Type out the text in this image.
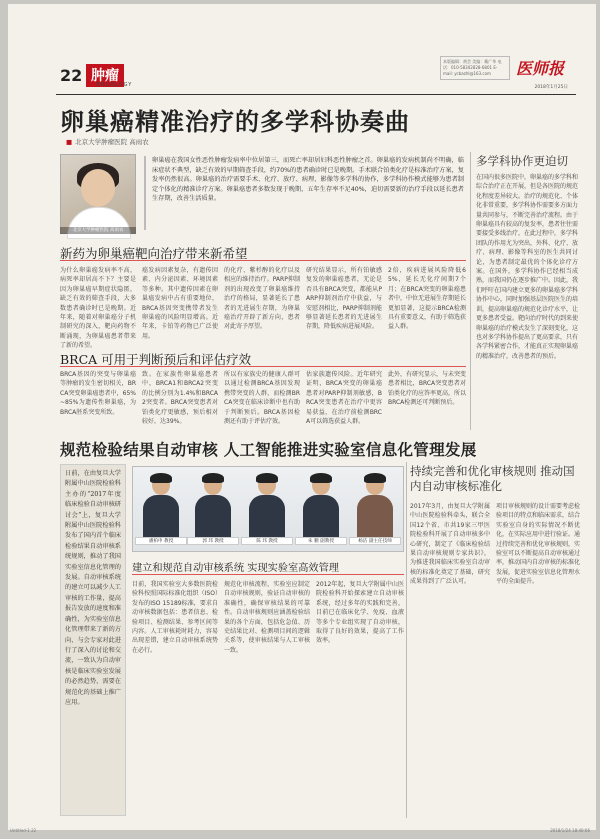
22 肿瘤
ONCOLOGY
本版编辑：黄芸 美编：戴广华 电话：010-58302828-6801 E-mail: ycbazhl@163.com	医师报
2018年1月25日
卵巢癌精准治疗的多学科协奏曲
■ 北京大学肿瘤医院 高雨农
北京大学肿瘤医院 高雨农
卵巢癌在我国女性恶性肿瘤发病率中位居第三，而死亡率却居妇科恶性肿瘤之首。卵巢癌的发病机制尚不明确，临床症状不典型，缺乏有效的早期筛查手段，约70%的患者确诊时已是晚期。手术联合铂类化疗是标准治疗方案，复发率仍然很高。卵巢癌的治疗需要手术、化疗、放疗、病理、影像等多学科的协作，多学科协作模式能够为患者制定个体化的精准诊疗方案。卵巢癌患者多数发现于晚期，五年生存率不足40%，迫切需要新的治疗手段以延长患者生存期，改善生活质量。
新药为卵巢癌靶向治疗带来新希望
为什么卵巢癌发病率不高，病死率却居高不下？主要是因为卵巢癌早期症状隐匿，缺乏有效的筛查手段，大多数患者确诊时已是晚期。近年来，随着对卵巢癌分子机制研究的深入，靶向药物不断涌现，为卵巢癌患者带来了新的希望。
癌发病因素复杂，有遗传因素、内分泌因素、环境因素等多种。其中遗传因素在卵巢癌发病中占有重要地位，BRCA基因突变携带者发生卵巢癌的风险明显增高。近年来，卡铂等药物已广泛使用。
的化疗、紫杉醇的化疗以及相应的维持治疗。PARP抑制剂的出现改变了卵巢癌维持治疗的格局，显著延长了患者的无进展生存期，为卵巢癌治疗开辟了新方向，患者对此寄予厚望。
研究结果显示，所有铂敏感复发的卵巢癌患者，无论是否具有BRCA突变，都能从PARP抑制剂治疗中获益，与安慰剂相比，PARP抑制剂能够显著延长患者的无进展生存期，降低疾病进展风险。
2倍，疾病进展风险降低65%，延长无化疗间期7个月；在BRCA突变的卵巢癌患者中，中位无进展生存期延长更加显著，这提示BRCA检测具有重要意义，有助于筛选获益人群。
BRCA 可用于判断预后和评估疗效
BRCA基因的突变与卵巢癌等肿瘤的发生密切相关，BRCA突变卵巢癌患者中，65%~85%为遗传性卵巢癌，为BRCA胚系突变所致。
致。在家族性卵巢癌患者中，BRCA1和BRCA2突变的比例分别为1.4%和BRCA2突变者。BRCA突变患者对铂类化疗更敏感，预后相对较好，达39%。
所以有家族史的健康人群可以通过检测BRCA基因发现携带突变的人群，而检测BRCA突变在临床诊断中也有助于判断预后。BRCA基因检测还有助于评估疗效。
估家族遗传风险。近年研究证明，BRCA突变的卵巢癌患者对PARP抑制剂敏感，BRCA突变患者在治疗中更容易获益，在治疗前检测BRCA可以筛选获益人群。
此外，有研究显示，与未突变患者相比，BRCA突变患者对铂类化疗的应答率更高，所以BRCA检测还可判断预后。
多学科协作更迫切
在国内很多医院中，卵巢癌的多学科和综合治疗正在开展，但是各医院的规范化程度差异较大。治疗的规范化、个体化非常重要，多学科协作需要多方面力量共同参与，不断完善治疗流程。由于卵巢癌具有较高的复发率，患者往往需要接受多线治疗，在此过程中，多学科团队的作用尤为突出，外科、化疗、放疗、病理、影像等科室的医生共同讨论，为患者制定最优的个体化诊疗方案。在国外，多学科协作已经相当成熟，而我国仍在逐步推广中。因此，我们呼吁在国内建立更多的卵巢癌多学科协作中心，同时加强基层医院医生的培训，提高卵巢癌的规范化诊疗水平，让更多患者受益。靶向治疗时代的到来使卵巢癌的治疗模式发生了深刻变化，这也对多学科协作提出了更高要求，只有各学科紧密合作，才能真正实现卵巢癌的精准治疗，改善患者的预后。
规范检验结果自动审核 人工智能推进实验室信息化管理发展
日前，在由复旦大学附属中山医院检验科主办的“2017年度临床检验自动审核研讨会”上，复旦大学附属中山医院检验科发布了国内首个临床检验结果自动审核系统规则，推动了我国实验室信息化管理的发展。自动审核系统的建立可以减少人工审核的工作量，提高报告发放的速度和准确性，为实验室信息化管理带来了新的方向，与会专家对此进行了深入的讨论和交流，一致认为自动审核是临床实验室发展的必然趋势，需要在规范化的基础上推广应用。
潘柏申 教授	郭 玮 教授	陈 玮 教授	朱 鹏 副教授	杨洁 副主任技师
建立和规范自动审核系统 实现实验室高效管理
目前，我国实验室大多数医院检验科按照国际标准化组织（ISO）发布的ISO 15189标准，要求自动审核数据包括：患者信息、检验项目、检测结果、参考区间等内容。人工审核耗时耗力，容易出现差错，建立自动审核系统势在必行。
规范化审核流程，实验室应制定自动审核规则，验证自动审核的准确性，确保审核结果的可靠性。自动审核规则应涵盖检验结果的各个方面，包括危急值、历史结果比对、检测项目间的逻辑关系等，使审核结果与人工审核一致。
2012年起，复旦大学附属中山医院检验科开始探索建立自动审核系统，经过多年的实践和完善，目前已在临床化学、免疫、血液等多个专业组实现了自动审核，取得了良好的效果，提高了工作效率。
持续完善和优化审核规则 推动国内自动审核标准化
2017年3月，由复旦大学附属中山医院检验科牵头，联合全国12个省、市共19家三甲医院检验科开展了自动审核多中心研究，制定了《临床检验结果自动审核规则专家共识》，为推进我国临床实验室自动审核的标准化奠定了基础，研究成果得到了广泛认可。
项目审核规则的设计需要考虑检验项目的特点和临床需求，结合实验室自身的实际情况不断优化，在实际应用中进行验证。通过持续完善和优化审核规则，实验室可以不断提高自动审核通过率，推动国内自动审核的标准化发展，促进实验室信息化管理水平的全面提升。
Untitled-1 22	2018/1/24 18:40:06
